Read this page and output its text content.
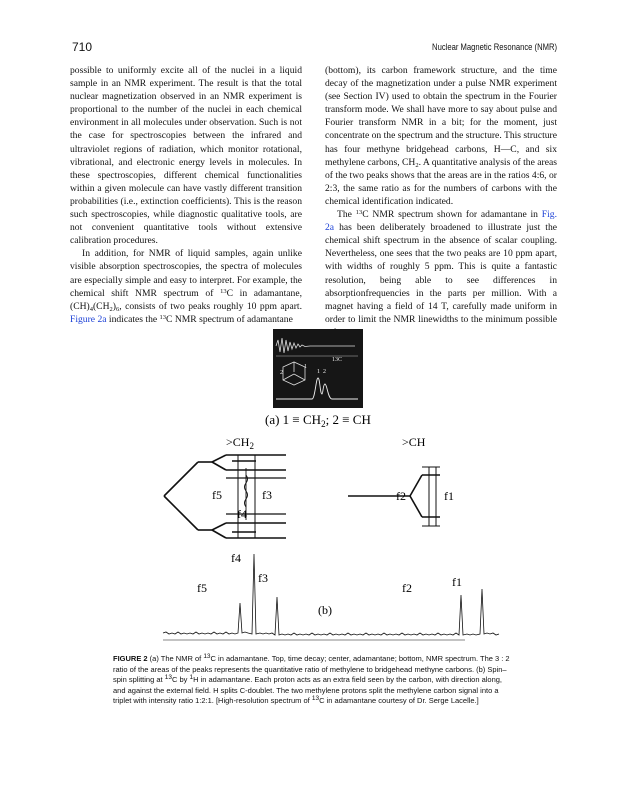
710	Nuclear Magnetic Resonance (NMR)

possible to uniformly excite all of the nuclei in a liquid sample in an NMR experiment. The result is that the total nuclear magnetization observed in an NMR experiment is proportional to the number of the nuclei in each chemical environment in all molecules under observation. Such is not the case for spectroscopies between the infrared and ultraviolet regions of radiation, which monitor rotational, vibrational, and electronic energy levels in molecules. In these spectroscopies, different chemical functionalities within a given molecule can have vastly different transition probabilities (i.e., extinction coefficients). This is the reason such spectroscopies, while diagnostic qualitative tools, are not convenient quantitative tools without extensive calibration procedures.

In addition, for NMR of liquid samples, again unlike visible absorption spectroscopies, the spectra of molecules are especially simple and easy to interpret. For example, the chemical shift NMR spectrum of $^{13}$C in adamantane, $(CH)_4(CH_2)_6$, consists of two peaks roughly 10 ppm apart. Figure 2a indicates the $^{13}$C NMR spectrum of adamantane

(bottom), its carbon framework structure, and the time decay of the magnetization under a pulse NMR experiment (see Section IV) used to obtain the spectrum in the Fourier transform mode. We shall have more to say about pulse and Fourier transform NMR in a bit; for the moment, just concentrate on the spectrum and the structure. This structure has four methyne bridgehead carbons, H—C, and six methylene carbons, $CH_2$. A quantitative analysis of the areas of the two peaks shows that the areas are in the ratios 4:6, or 2:3, the same ratio as for the numbers of carbons with the chemical identification indicated.

The $^{13}$C NMR spectrum shown for adamantane in Fig. 2a has been deliberately broadened to illustrate just the chemical shift spectrum in the absence of scalar coupling. Nevertheless, one sees that the two peaks are 10 ppm apart, with widths of roughly 5 ppm. This is quite a fantastic resolution, being able to see differences in absorptionfrequencies in the parts per million. With a magnet having a field of 14 T, carefully made uniform in order to limit the NMR linewidths to the minimum possible

13C
1
2	1 2
(a) $1 \equiv CH_2$; 2 ≡ CH
$>CH_2$
f5	f3
f4
>CH
f2	f1
f4
f5
f3
f2	f1
(b)
FIGURE 2 (a) The NMR of $^{13}$C in adamantane. Top, time decay; center, adamantane; bottom, NMR spectrum. The 3 : 2 ratio of the areas of the peaks represents the quantitative ratio of methylene to bridgehead methyne carbons. (b) Spin–spin splitting at $^{13}$C by $^1$H in adamantane. Each proton acts as an extra field seen by the carbon, with direction along, and against the external field. H splits C-doublet. The two methylene protons split the methylene carbon signal into a triplet with intensity ratio 1:2:1. [High-resolution spectrum of $^{13}$C in adamantane courtesy of Dr. Serge Lacelle.]
